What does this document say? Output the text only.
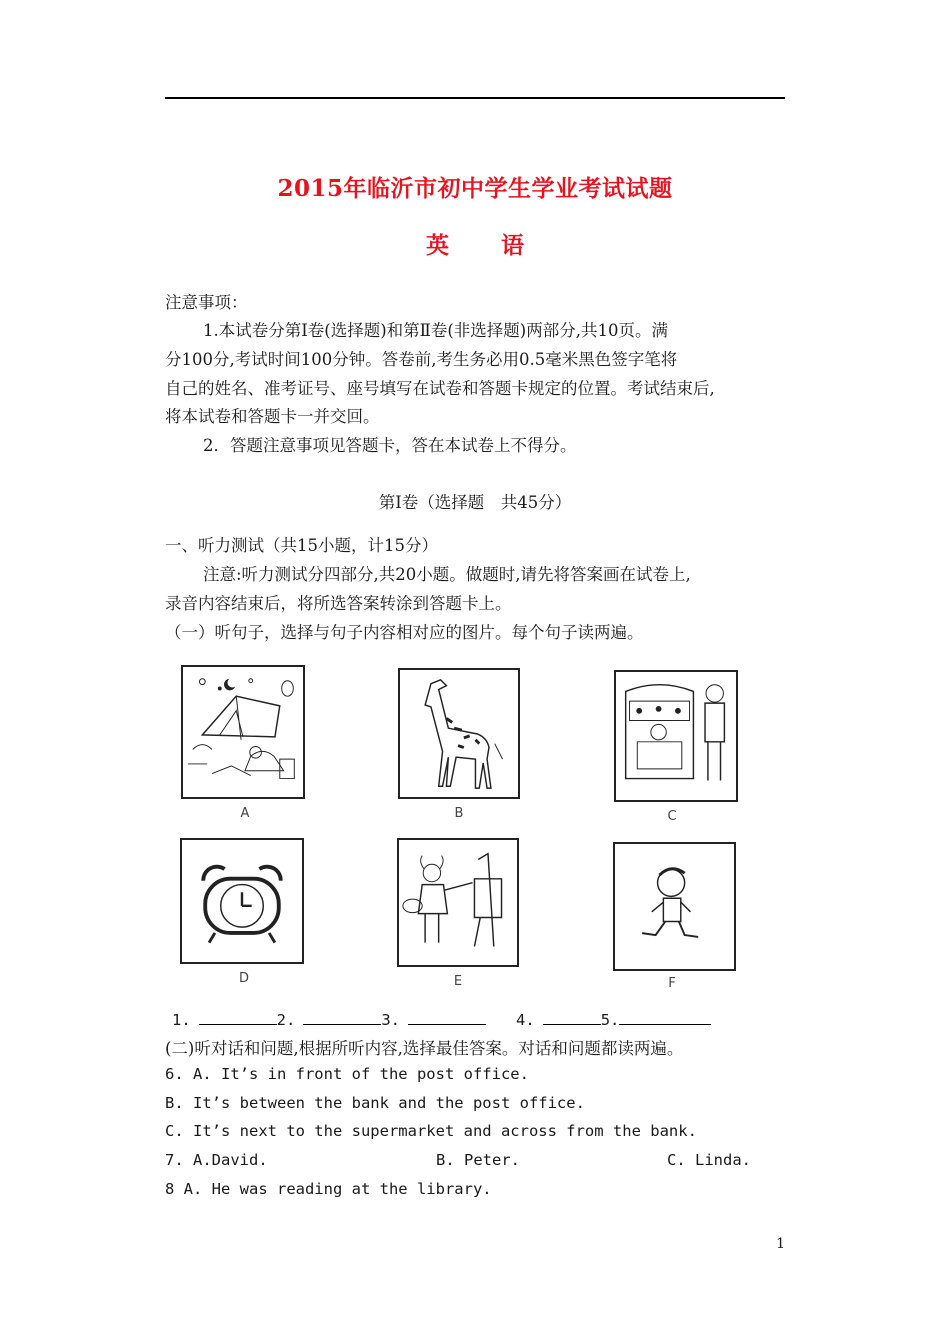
2015年临沂市初中学生学业考试试题
英 语
注意事项：
1.本试卷分第Ⅰ卷(选择题)和第Ⅱ卷(非选择题)两部分,共10页。满
分100分,考试时间100分钟。答卷前,考生务必用0.5毫米黑色签字笔将
自己的姓名、准考证号、座号填写在试卷和答题卡规定的位置。考试结束后,
将本试卷和答题卡一并交回。
2．答题注意事项见答题卡，答在本试卷上不得分。
第Ⅰ卷（选择题　共45分）
一、听力测试（共15小题，计15分）
注意:听力测试分四部分,共20小题。做题时,请先将答案画在试卷上,
录音内容结束后，将所选答案转涂到答题卡上。
（一）听句子，选择与句子内容相对应的图片。每个句子读两遍。
A	B	C
D	E	F
1.	2.	3.	4.	5.
(二)听对话和问题,根据所听内容,选择最佳答案。对话和问题都读两遍。
6. A. It’s in front of the post office.
B. It’s between the bank and the post office.
C. It’s next to the supermarket and across from the bank.
7. A.David.	B. Peter.	C. Linda.
8 A. He was reading at the library.
1
